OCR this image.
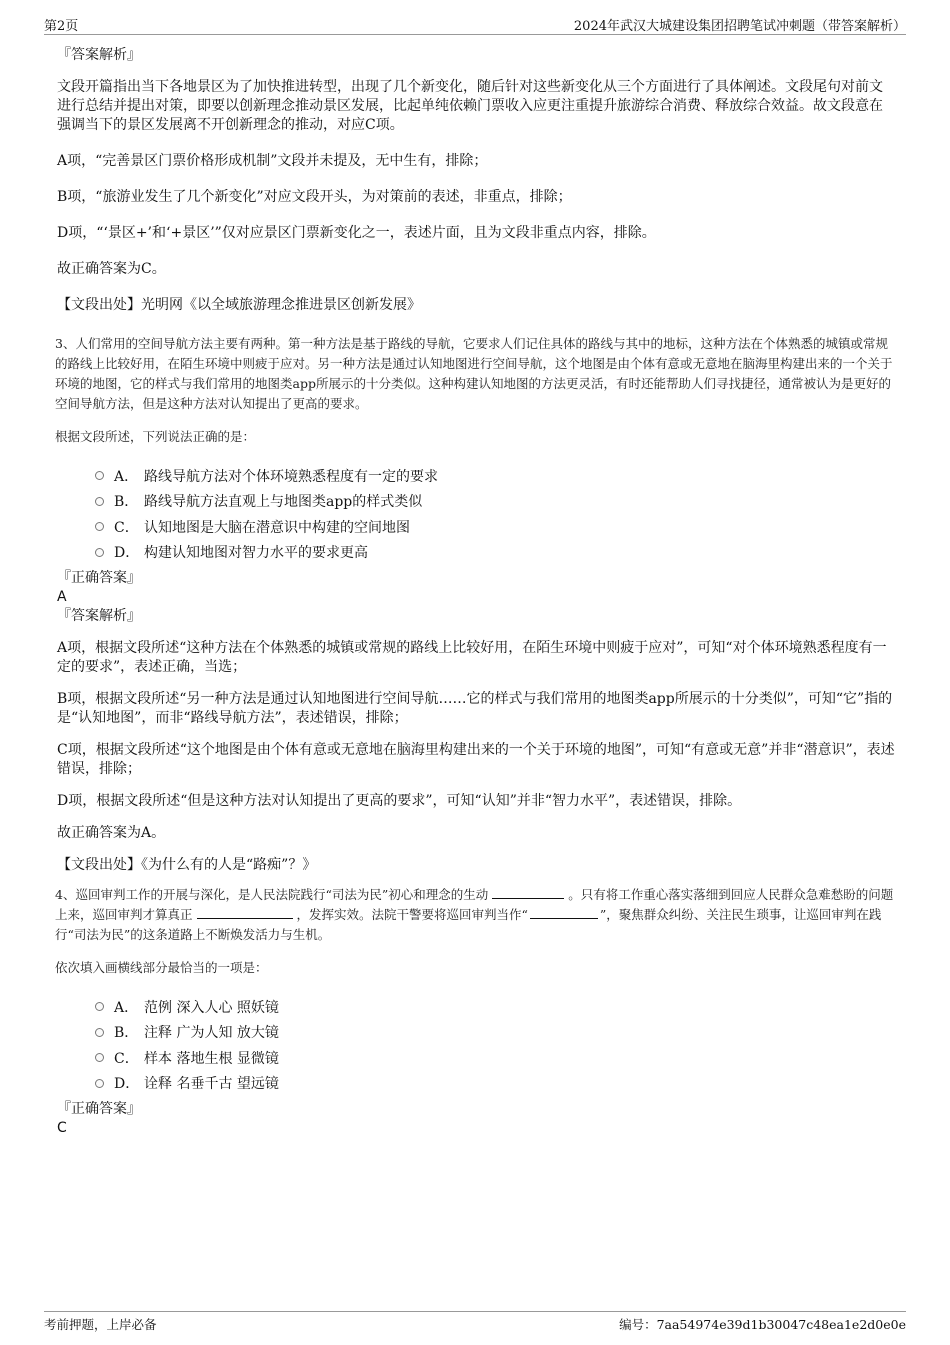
第2页	2024年武汉大城建设集团招聘笔试冲刺题（带答案解析）

『答案解析』

文段开篇指出当下各地景区为了加快推进转型，出现了几个新变化，随后针对这些新变化从三个方面进行了具体阐述。文段尾句对前文进行总结并提出对策，即要以创新理念推动景区发展，比起单纯依赖门票收入应更注重提升旅游综合消费、释放综合效益。故文段意在强调当下的景区发展离不开创新理念的推动，对应C项。

A项，“完善景区门票价格形成机制”文段并未提及，无中生有，排除；

B项，“旅游业发生了几个新变化”对应文段开头，为对策前的表述，非重点，排除；

D项，“‘景区+’和‘+景区’”仅对应景区门票新变化之一，表述片面，且为文段非重点内容，排除。

故正确答案为C。

【文段出处】光明网《以全域旅游理念推进景区创新发展》

3、人们常用的空间导航方法主要有两种。第一种方法是基于路线的导航，它要求人们记住具体的路线与其中的地标，这种方法在个体熟悉的城镇或常规的路线上比较好用，在陌生环境中则疲于应对。另一种方法是通过认知地图进行空间导航，这个地图是由个体有意或无意地在脑海里构建出来的一个关于环境的地图，它的样式与我们常用的地图类app所展示的十分类似。这种构建认知地图的方法更灵活，有时还能帮助人们寻找捷径，通常被认为是更好的空间导航方法，但是这种方法对认知提出了更高的要求。

根据文段所述，下列说法正确的是：

A． 路线导航方法对个体环境熟悉程度有一定的要求
B． 路线导航方法直观上与地图类app的样式类似
C． 认知地图是大脑在潜意识中构建的空间地图
D． 构建认知地图对智力水平的要求更高

『正确答案』

A

『答案解析』

A项，根据文段所述“这种方法在个体熟悉的城镇或常规的路线上比较好用，在陌生环境中则疲于应对”，可知“对个体环境熟悉程度有一定的要求”，表述正确，当选；

B项，根据文段所述“另一种方法是通过认知地图进行空间导航……它的样式与我们常用的地图类app所展示的十分类似”，可知“它”指的是“认知地图”，而非“路线导航方法”，表述错误，排除；

C项，根据文段所述“这个地图是由个体有意或无意地在脑海里构建出来的一个关于环境的地图”，可知“有意或无意”并非“潜意识”，表述错误，排除；

D项，根据文段所述“但是这种方法对认知提出了更高的要求”，可知“认知”并非“智力水平”，表述错误，排除。

故正确答案为A。

【文段出处】《为什么有的人是“路痴”？》

4、巡回审判工作的开展与深化，是人民法院践行“司法为民”初心和理念的生动	。只有将工作重心落实落细到回应人民群众急难愁盼的问题上来，巡回审判才算真正	，发挥实效。法院干警要将巡回审判当作“	”，聚焦群众纠纷、关注民生琐事，让巡回审判在践行“司法为民”的这条道路上不断焕发活力与生机。

依次填入画横线部分最恰当的一项是：

A． 范例 深入人心 照妖镜
B． 注释 广为人知 放大镜
C． 样本 落地生根 显微镜
D． 诠释 名垂千古 望远镜

『正确答案』

C

考前押题，上岸必备	编号：7aa54974e39d1b30047c48ea1e2d0e0e
